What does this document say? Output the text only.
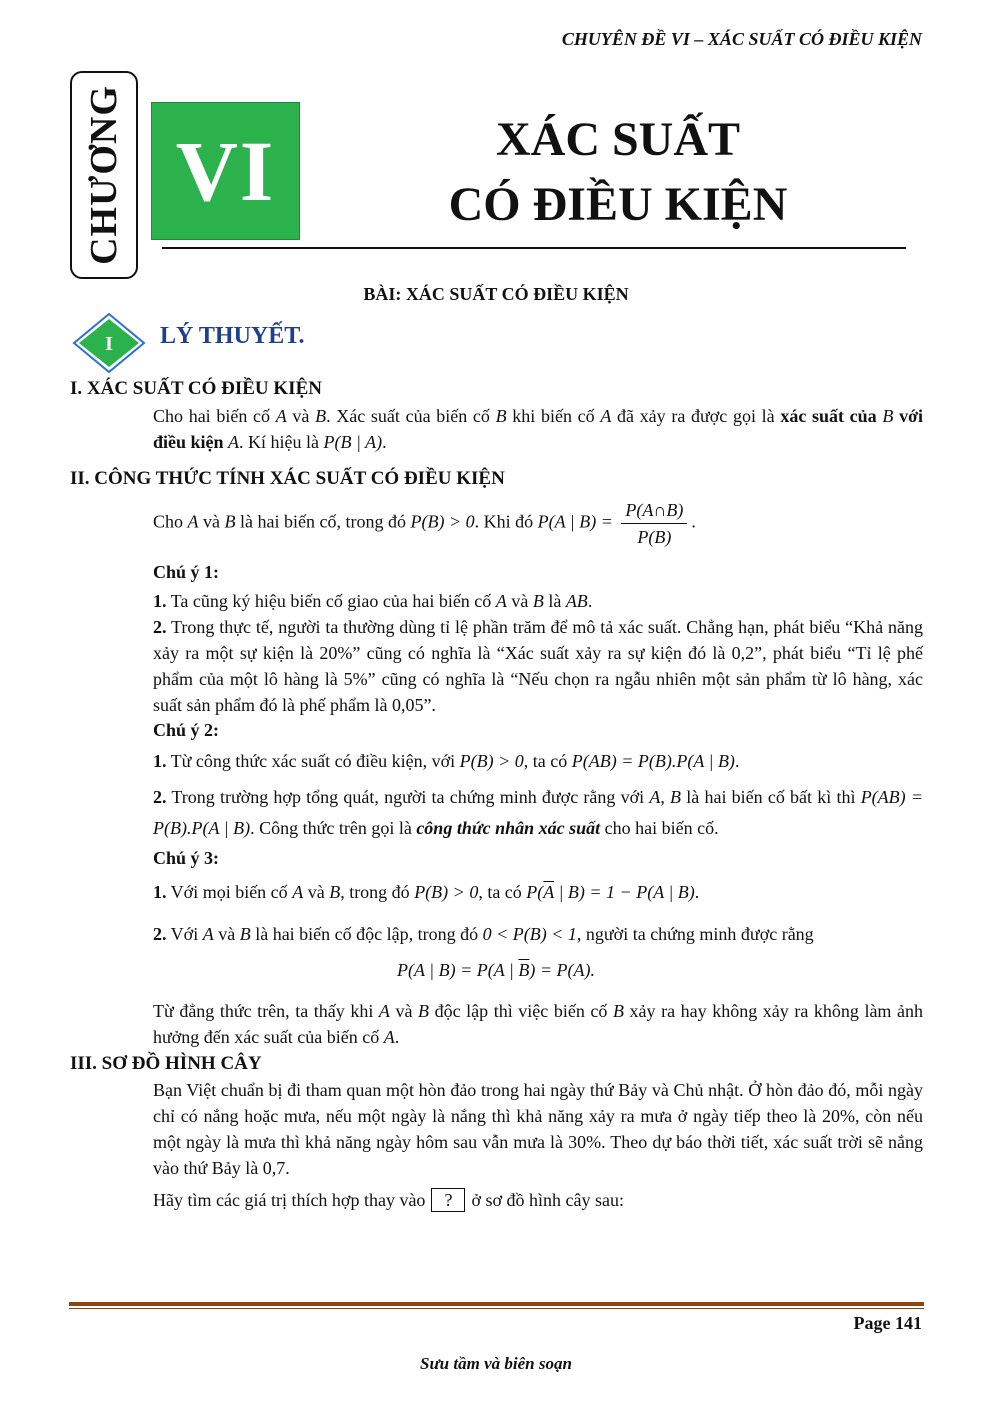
CHUYÊN ĐỀ VI – XÁC SUẤT CÓ ĐIỀU KIỆN
CHƯƠNG VI	XÁC SUẤT
CÓ ĐIỀU KIỆN
BÀI: XÁC SUẤT CÓ ĐIỀU KIỆN
I LÝ THUYẾT.
I. XÁC SUẤT CÓ ĐIỀU KIỆN
Cho hai biến cố A và B. Xác suất của biến cố B khi biến cố A đã xảy ra được gọi là xác suất của B với điều kiện A. Kí hiệu là P(B | A).
II. CÔNG THỨC TÍNH XÁC SUẤT CÓ ĐIỀU KIỆN
Cho A và B là hai biến cố, trong đó P(B) > 0. Khi đó P(A | $B) = \frac{P(A\cap B)}{P(B)}$ .
Chú ý 1:
1. Ta cũng ký hiệu biến cố giao của hai biến cố A và B là AB.
2. Trong thực tế, người ta thường dùng tỉ lệ phần trăm để mô tả xác suất. Chẳng hạn, phát biểu “Khả năng xảy ra một sự kiện là 20%” cũng có nghĩa là “Xác suất xảy ra sự kiện đó là 0,2”, phát biểu “Tỉ lệ phế phẩm của một lô hàng là 5%” cũng có nghĩa là “Nếu chọn ra ngẫu nhiên một sản phẩm từ lô hàng, xác suất sản phẩm đó là phế phẩm là 0,05”.
Chú ý 2:
1. Từ công thức xác suất có điều kiện, với P(B) > 0, ta có P(AB) = P(B).P(A | B).
2. Trong trường hợp tổng quát, người ta chứng minh được rằng với A, B là hai biến cố bất kì thì P(AB) = P(B).P(A | B). Công thức trên gọi là công thức nhân xác suất cho hai biến cố.
Chú ý 3:
1. Với mọi biến cố A và B, trong đó P(B) > 0, ta có $P(\overline{A}$ | B) = 1 − P(A | B).
2. Với A và B là hai biến cố độc lập, trong đó 0 < P(B) < 1, người ta chứng minh được rằng
P(A | B) = P(A | $\overline{B}) = P(A)$.
Từ đẳng thức trên, ta thấy khi A và B độc lập thì việc biến cố B xảy ra hay không xảy ra không làm ảnh hưởng đến xác suất của biến cố A.
III. SƠ ĐỒ HÌNH CÂY
Bạn Việt chuẩn bị đi tham quan một hòn đảo trong hai ngày thứ Bảy và Chủ nhật. Ở hòn đảo đó, mỗi ngày chỉ có nắng hoặc mưa, nếu một ngày là nắng thì khả năng xảy ra mưa ở ngày tiếp theo là 20%, còn nếu một ngày là mưa thì khả năng ngày hôm sau vẫn mưa là 30%. Theo dự báo thời tiết, xác suất trời sẽ nắng vào thứ Bảy là 0,7.
Hãy tìm các giá trị thích hợp thay vào ? ở sơ đồ hình cây sau:
Page 141
Sưu tầm và biên soạn
